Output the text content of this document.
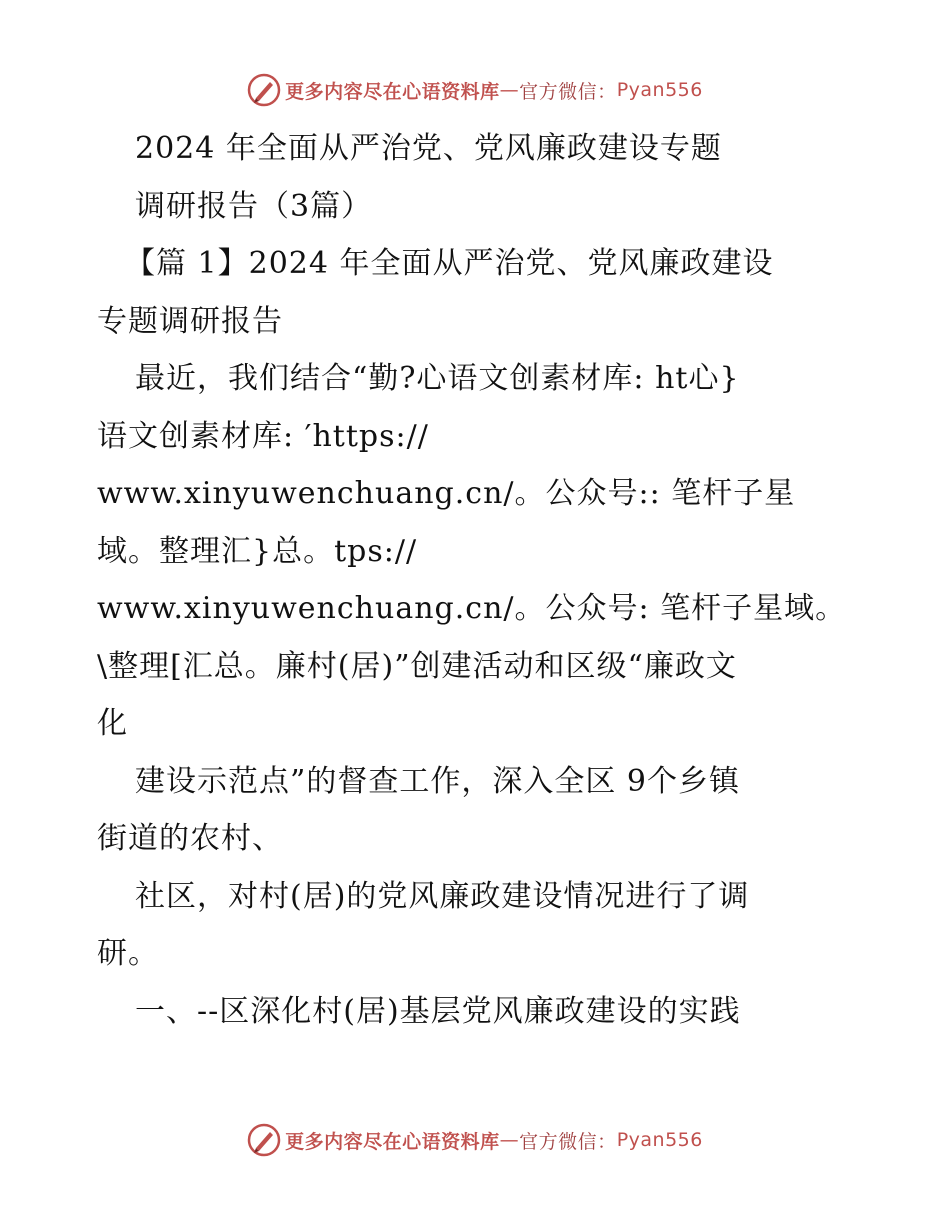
更多内容尽在心语资料库 — 官方微信： Pyan556
2024 年全面从严治党、党风廉政建设专题
调研报告（3篇）
【篇 1】2024 年全面从严治党、党风廉政建设
专题调研报告
最近，我们结合“勤?心语文创素材库: ht心}
语文创素材库: ′https://
www.xinyuwenchuang.cn/。公众号:: 笔杆子星
域。整理汇}总。tps://
www.xinyuwenchuang.cn/。公众号: 笔杆子星域。
\整理[汇总。廉村(居)”创建活动和区级“廉政文
化
建设示范点”的督查工作，深入全区 9个乡镇
街道的农村、
社区，对村(居)的党风廉政建设情况进行了调
研。
一、--区深化村(居)基层党风廉政建设的实践
更多内容尽在心语资料库 — 官方微信： Pyan556
